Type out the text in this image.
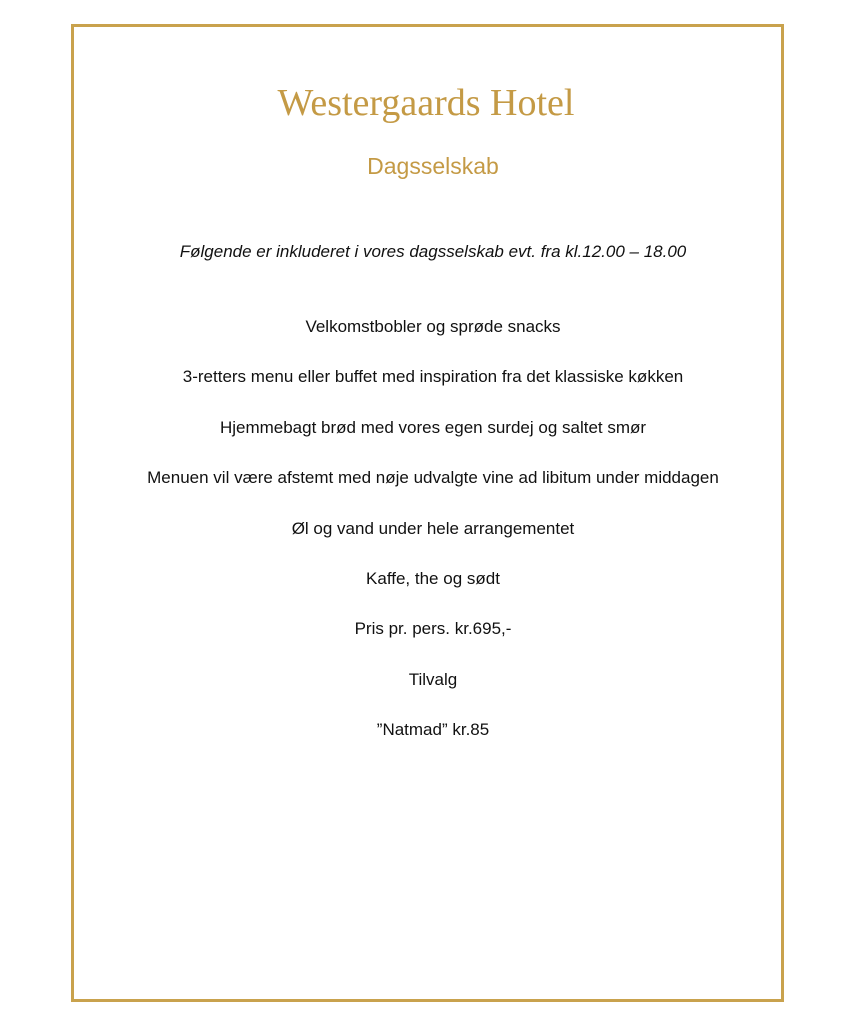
Westergaards Hotel
Dagsselskab

Følgende er inkluderet i vores dagsselskab evt. fra kl.12.00 – 18.00

Velkomstbobler og sprøde snacks
3-retters menu eller buffet med inspiration fra det klassiske køkken
Hjemmebagt brød med vores egen surdej og saltet smør
Menuen vil være afstemt med nøje udvalgte vine ad libitum under middagen
Øl og vand under hele arrangementet
Kaffe, the og sødt
Pris pr. pers. kr.695,-
Tilvalg
”Natmad” kr.85
